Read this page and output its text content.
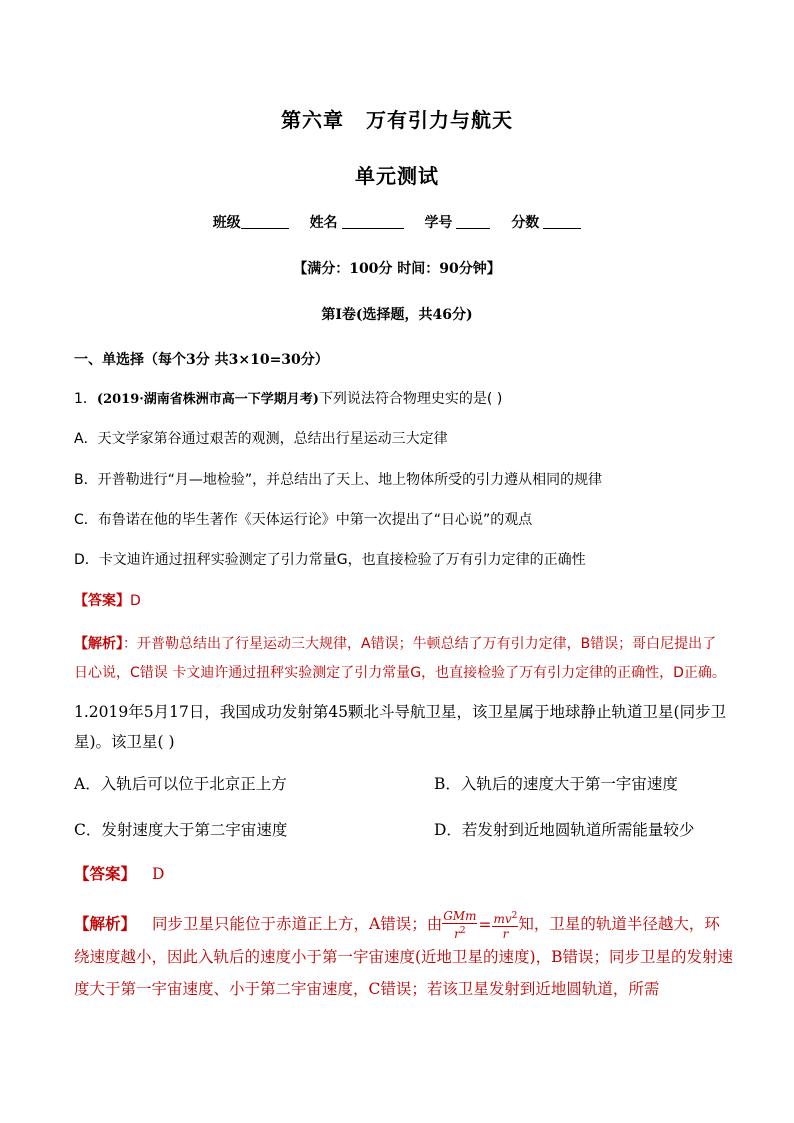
第六章 万有引力与航天
单元测试
班级	姓名	学号	分数
【满分：100分 时间：90分钟】
第Ⅰ卷(选择题，共46分)
一、单选择（每个3分 共3×10=30分）
1．(2019·湖南省株洲市高一下学期月考)下列说法符合物理史实的是( )
A．天文学家第谷通过艰苦的观测，总结出行星运动三大定律
B．开普勒进行“月—地检验”，并总结出了天上、地上物体所受的引力遵从相同的规律
C．布鲁诺在他的毕生著作《天体运行论》中第一次提出了“日心说”的观点
D．卡文迪许通过扭秤实验测定了引力常量G，也直接检验了万有引力定律的正确性
【答案】D
【解析】：开普勒总结出了行星运动三大规律，A错误；牛顿总结了万有引力定律，B错误；哥白尼提出了日心说，C错误 卡文迪许通过扭秤实验测定了引力常量G，也直接检验了万有引力定律的正确性，D正确。
1.2019年5月17日，我国成功发射第45颗北斗导航卫星，该卫星属于地球静止轨道卫星(同步卫星)。该卫星( )
A．入轨后可以位于北京正上方	B．入轨后的速度大于第一宇宙速度
C．发射速度大于第二宇宙速度	D．若发射到近地圆轨道所需能量较少
【答案】 D
【解析】 同步卫星只能位于赤道正上方，A错误；由 $\frac{\text{GMm}}{r^2} = \frac{mv^2}{r}$ 知，卫星的轨道半径越大，环绕速度越小，因此入轨后的速度小于第一宇宙速度(近地卫星的速度)，B错误；同步卫星的发射速度大于第一宇宙速度、小于第二宇宙速度，C错误；若该卫星发射到近地圆轨道，所需
